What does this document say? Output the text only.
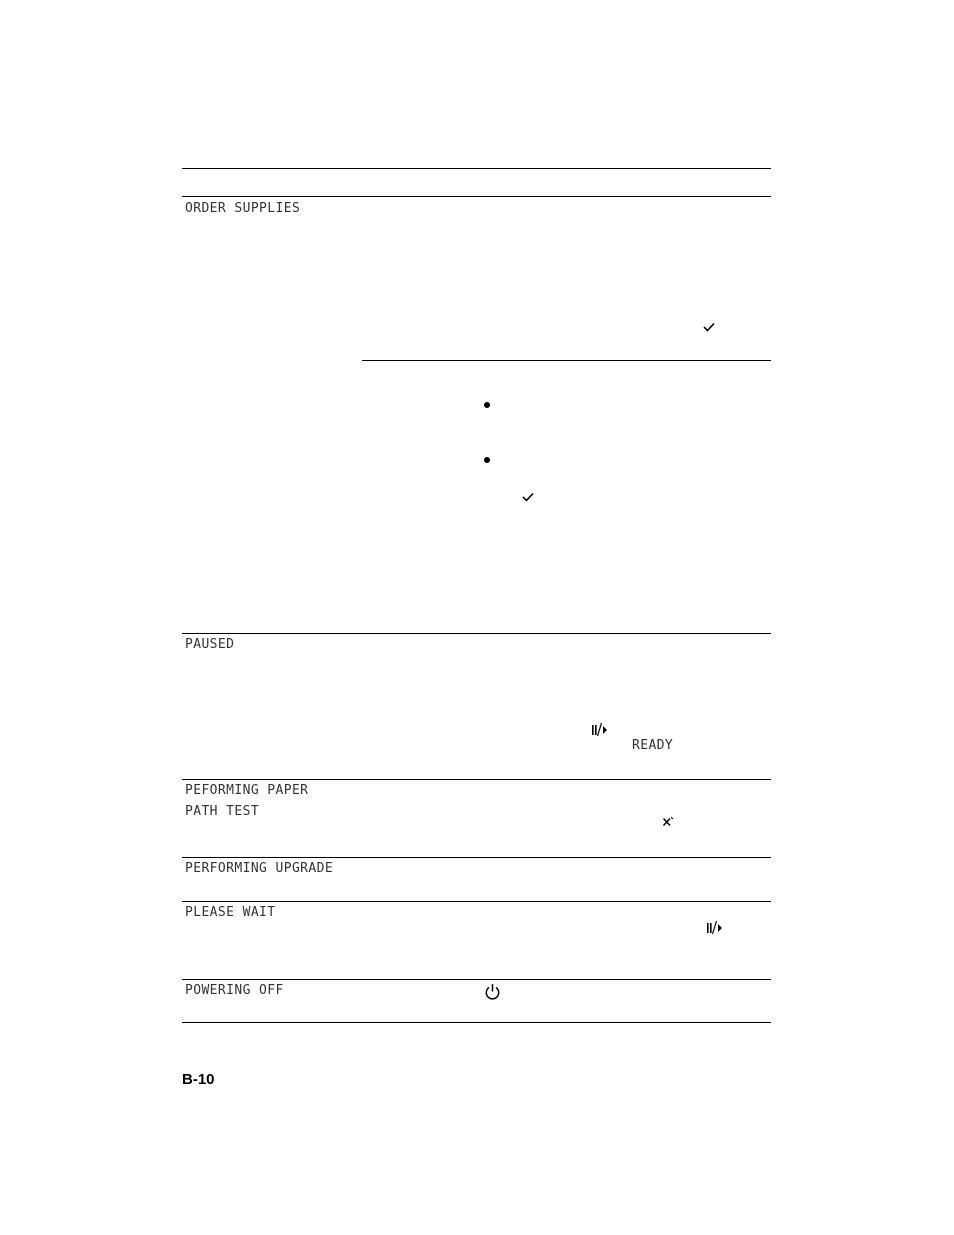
ORDER SUPPLIES
PAUSED
READY
PEFORMING PAPER
PATH TEST
PERFORMING UPGRADE
PLEASE WAIT
POWERING OFF
B-10
